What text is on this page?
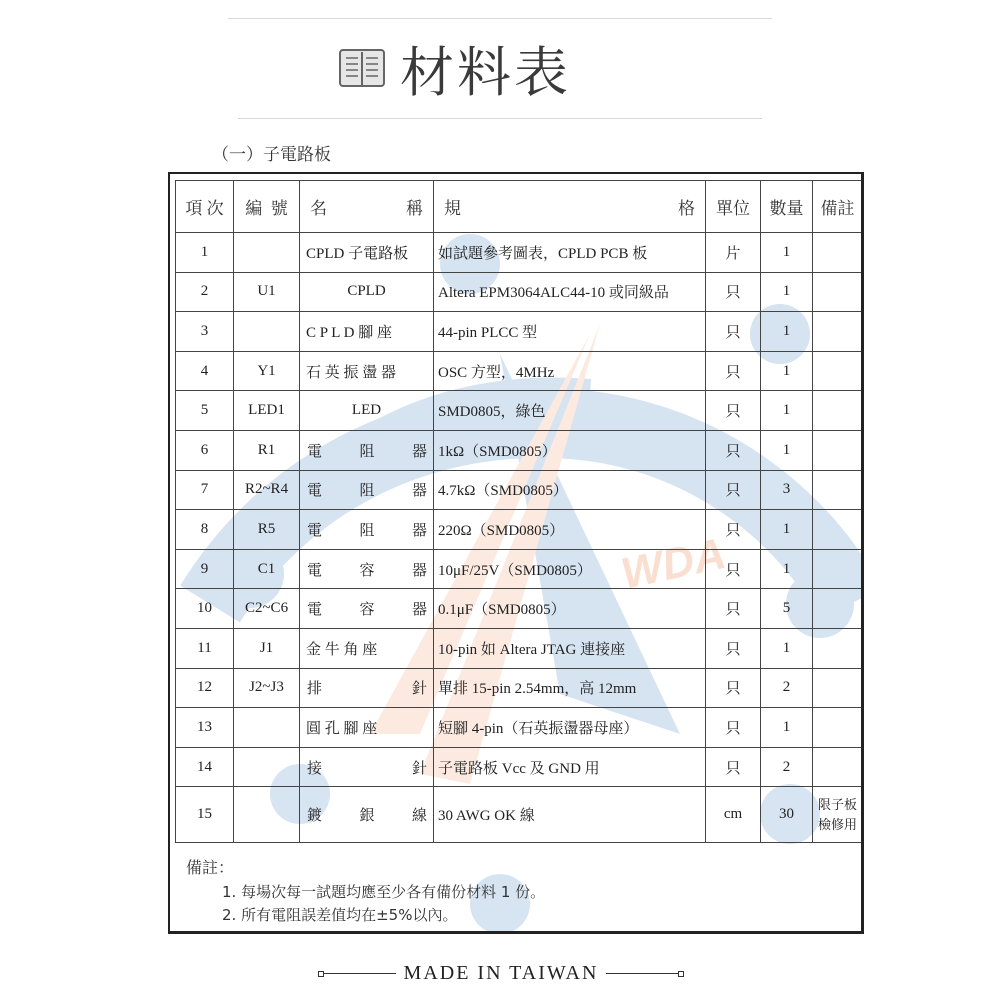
材料表
（一）子電路板
WDA
項 次	編 號	名 稱	規 格	單位	數量	備註
1		CPLD 子電路板	如試題參考圖表，CPLD PCB 板	片	1	
2	U1	CPLD	Altera EPM3064ALC44-10 或同級品	只	1	
3		C P L D 腳 座	44-pin PLCC 型	只	1	
4	Y1	石 英 振 盪 器	OSC 方型，4MHz	只	1	
5	LED1	LED	SMD0805，綠色	只	1	
6	R1	電 阻 器	1kΩ（SMD0805）	只	1	
7	R2~R4	電 阻 器	4.7kΩ（SMD0805）	只	3	
8	R5	電 阻 器	220Ω（SMD0805）	只	1	
9	C1	電 容 器	10μF/25V（SMD0805）	只	1	
10	C2~C6	電 容 器	0.1μF（SMD0805）	只	5	
11	J1	金 牛 角 座	10-pin 如 Altera JTAG 連接座	只	1	
12	J2~J3	排 針	單排 15-pin 2.54mm，高 12mm	只	2	
13		圓 孔 腳 座	短腳 4-pin（石英振盪器母座）	只	1	
14		接 針	子電路板 Vcc 及 GND 用	只	2	
15		鍍 銀 線	30 AWG OK 線	cm	30	限子板檢修用
備註：
1. 每場次每一試題均應至少各有備份材料 1 份。
2. 所有電阻誤差值均在±5%以內。
MADE IN TAIWAN
